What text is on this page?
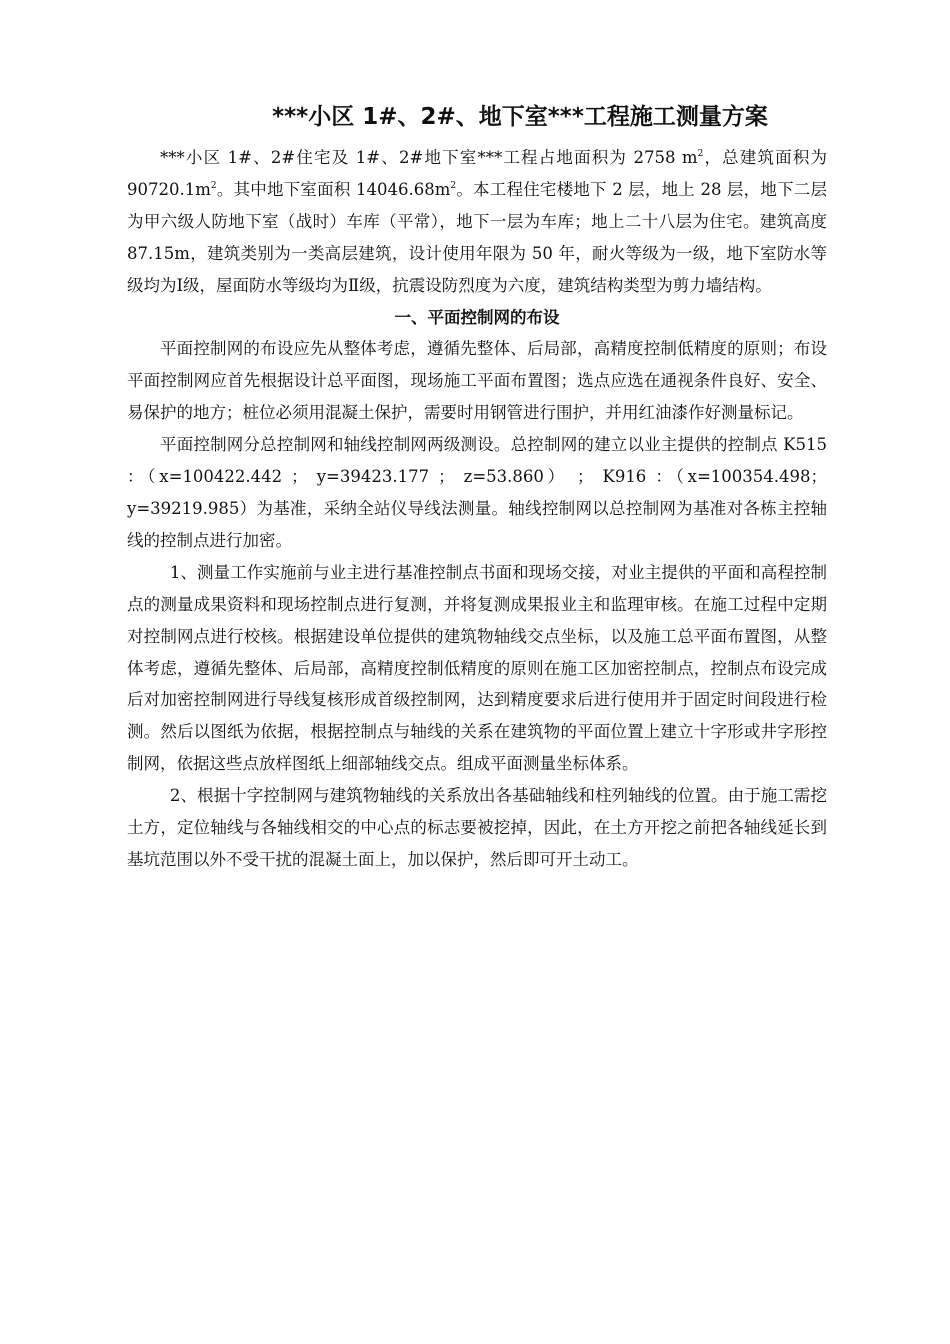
***小区 1#、2#、地下室***工程施工测量方案

***小区 1#、2#住宅及 1#、2#地下室***工程占地面积为 2758 $m^2$，总建筑面积为 $90720.1m^2$。其中地下室面积 $14046.68m^2$。本工程住宅楼地下 2 层，地上 28 层，地下二层为甲六级人防地下室（战时）车库（平常），地下一层为车库；地上二十八层为住宅。建筑高度 87.15m，建筑类别为一类高层建筑，设计使用年限为 50 年，耐火等级为一级，地下室防水等级均为Ⅰ级，屋面防水等级均为Ⅱ级，抗震设防烈度为六度，建筑结构类型为剪力墙结构。

一、平面控制网的布设

平面控制网的布设应先从整体考虑，遵循先整体、后局部，高精度控制低精度的原则；布设平面控制网应首先根据设计总平面图，现场施工平面布置图；选点应选在通视条件良好、安全、易保护的地方；桩位必须用混凝土保护，需要时用钢管进行围护，并用红油漆作好测量标记。

平面控制网分总控制网和轴线控制网两级测设。总控制网的建立以业主提供的控制点 K515 ：（x=100422.442 ； y=39423.177 ； z=53.860） ； K916 ：（x=100354.498；y=39219.985）为基准，采纳全站仪导线法测量。轴线控制网以总控制网为基准对各栋主控轴线的控制点进行加密。

1、测量工作实施前与业主进行基准控制点书面和现场交接，对业主提供的平面和高程控制点的测量成果资料和现场控制点进行复测，并将复测成果报业主和监理审核。在施工过程中定期对控制网点进行校核。根据建设单位提供的建筑物轴线交点坐标，以及施工总平面布置图，从整体考虑，遵循先整体、后局部，高精度控制低精度的原则在施工区加密控制点，控制点布设完成后对加密控制网进行导线复核形成首级控制网，达到精度要求后进行使用并于固定时间段进行检测。然后以图纸为依据，根据控制点与轴线的关系在建筑物的平面位置上建立十字形或井字形控制网，依据这些点放样图纸上细部轴线交点。组成平面测量坐标体系。

2、根据十字控制网与建筑物轴线的关系放出各基础轴线和柱列轴线的位置。由于施工需挖土方，定位轴线与各轴线相交的中心点的标志要被挖掉，因此，在土方开挖之前把各轴线延长到基坑范围以外不受干扰的混凝土面上，加以保护，然后即可开土动工。
